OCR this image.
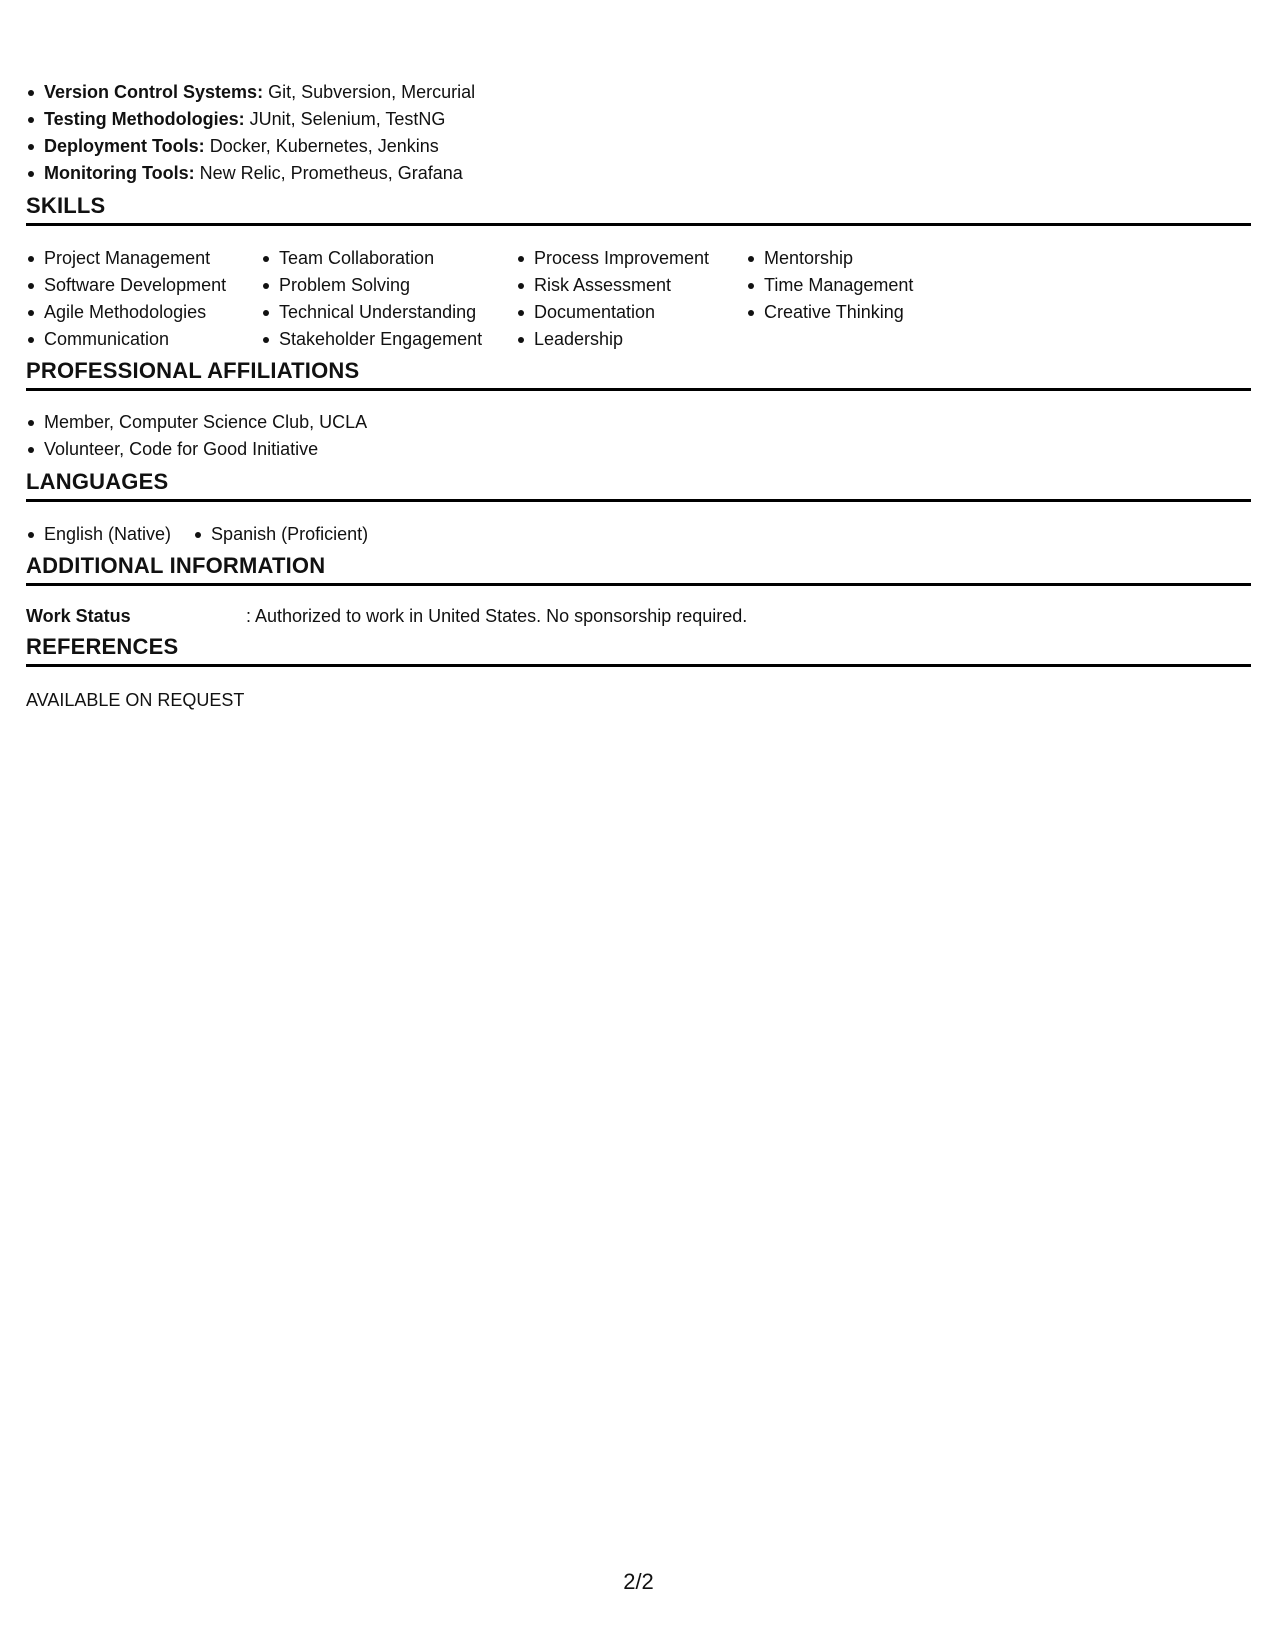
Version Control Systems: Git, Subversion, Mercurial
Testing Methodologies: JUnit, Selenium, TestNG
Deployment Tools: Docker, Kubernetes, Jenkins
Monitoring Tools: New Relic, Prometheus, Grafana
SKILLS
Project Management
Software Development
Agile Methodologies
Communication
Team Collaboration
Problem Solving
Technical Understanding
Stakeholder Engagement
Process Improvement
Risk Assessment
Documentation
Leadership
Mentorship
Time Management
Creative Thinking
PROFESSIONAL AFFILIATIONS
Member, Computer Science Club, UCLA
Volunteer, Code for Good Initiative
LANGUAGES
English (Native)	Spanish (Proficient)
ADDITIONAL INFORMATION
Work Status	: Authorized to work in United States. No sponsorship required.
REFERENCES
AVAILABLE ON REQUEST
2/2
